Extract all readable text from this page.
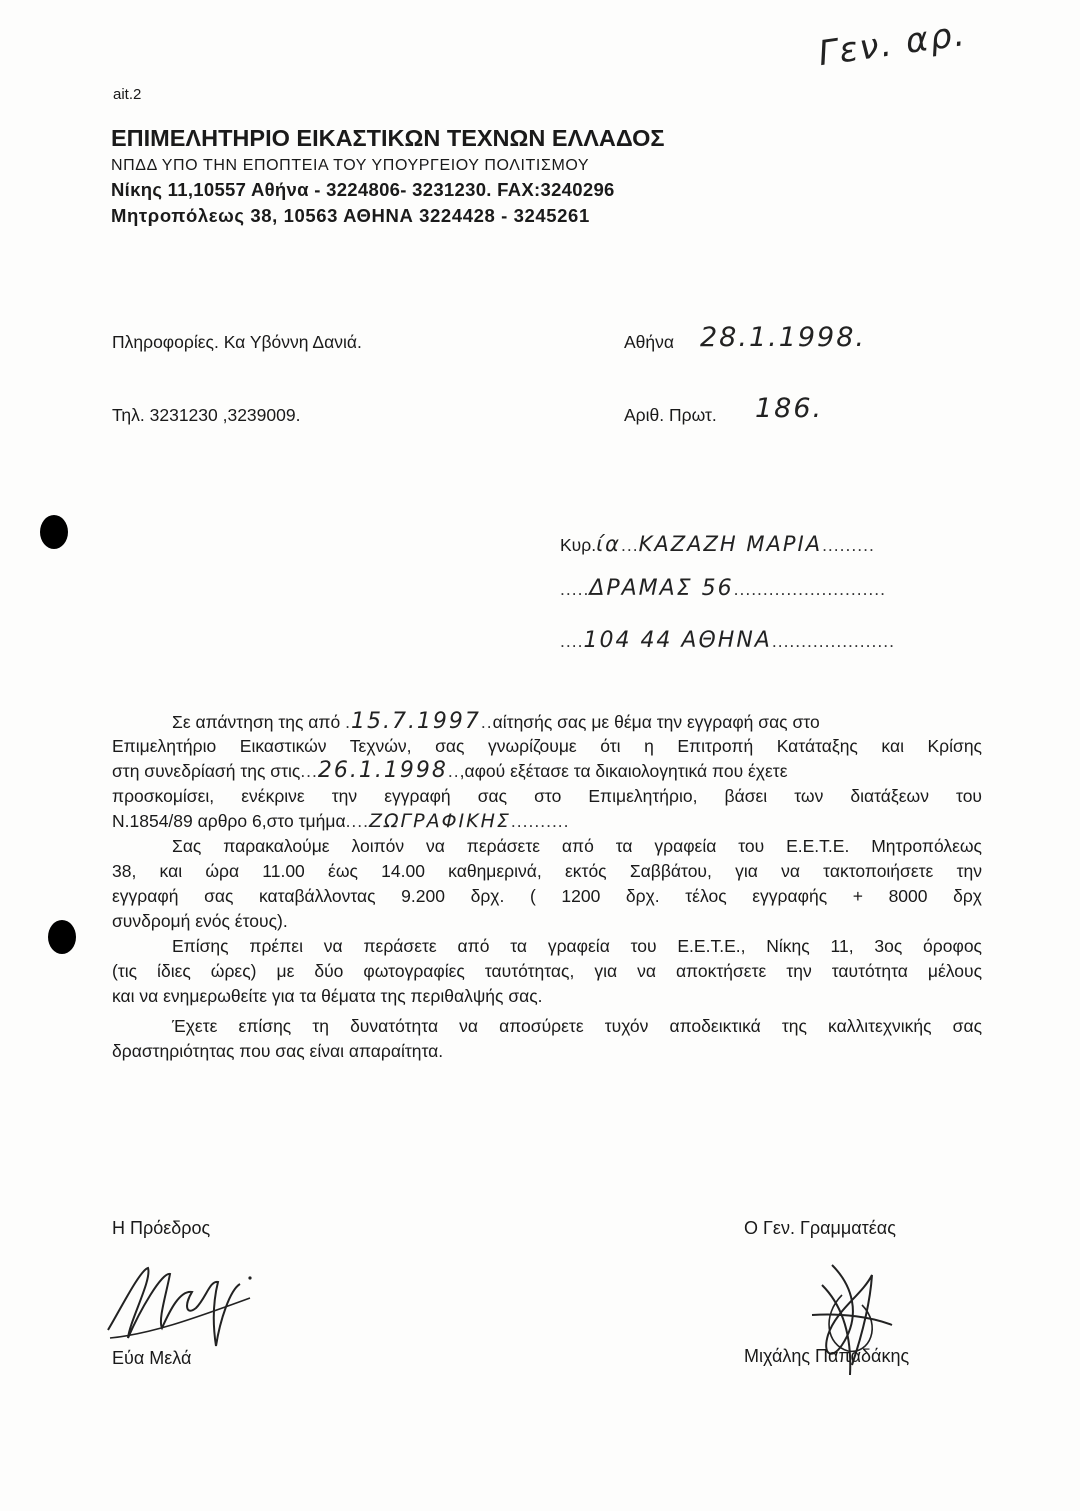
Γεν. αρ.
ait.2
ΕΠΙΜΕΛΗΤΗΡΙΟ ΕΙΚΑΣΤΙΚΩΝ ΤΕΧΝΩΝ ΕΛΛΑΔΟΣ
ΝΠΔΔ ΥΠΟ ΤΗΝ ΕΠΟΠΤΕΙΑ ΤΟΥ ΥΠΟΥΡΓΕΙΟΥ ΠΟΛΙΤΙΣΜΟΥ
Νίκης 11,10557 Αθήνα - 3224806- 3231230. FAX:3240296
Μητροπόλεως 38, 10563 ΑΘΗΝΑ 3224428 - 3245261
Πληροφορίες. Κα Υβόννη Δανιά.
Τηλ. 3231230 ,3239009.
Αθήνα 28.1.1998.
Αριθ. Πρωτ. 186.
Κυρ.ία...ΚΑΖΑΖΗ ΜΑΡΙΑ.........
.....ΔΡΑΜΑΣ 56..........................
....104 44 ΑΘΗΝΑ.....................
Σε απάντηση της από .15.7.1997..αίτησής σας με θέμα την εγγραφή σας στο
Επιμελητήριο Εικαστικών Τεχνών, σας γνωρίζουμε ότι η Επιτροπή Κατάταξης και Κρίσης
στη συνεδρίασή της στις...26.1.1998..,αφού εξέτασε τα δικαιολογητικά που έχετε
προσκομίσει, ενέκρινε την εγγραφή σας στο Επιμελητήριο, βάσει των διατάξεων του
Ν.1854/89 αρθρο 6,στο τμήμα....ΖΩΓΡΑΦΙΚΗΣ..........
Σας παρακαλούμε λοιπόν να περάσετε από τα γραφεία του Ε.Ε.Τ.Ε. Μητροπόλεως
38, και ώρα 11.00 έως 14.00 καθημερινά, εκτός Σαββάτου, για να τακτοποιήσετε την
εγγραφή σας καταβάλλοντας 9.200 δρχ. ( 1200 δρχ. τέλος εγγραφής + 8000 δρχ
συνδρομή ενός έτους).
Επίσης πρέπει να περάσετε από τα γραφεία του Ε.Ε.Τ.Ε., Νίκης 11, 3ος όροφος
(τις ίδιες ώρες) με δύο φωτογραφίες ταυτότητας, για να αποκτήσετε την ταυτότητα μέλους
και να ενημερωθείτε για τα θέματα της περιθαλψής σας.
Έχετε επίσης τη δυνατότητα να αποσύρετε τυχόν αποδεικτικά της καλλιτεχνικής σας
δραστηριότητας που σας είναι απαραίτητα.
Η Πρόεδρος
Εύα Μελά
Ο Γεν. Γραμματέας
Μιχάλης Παπαδάκης
